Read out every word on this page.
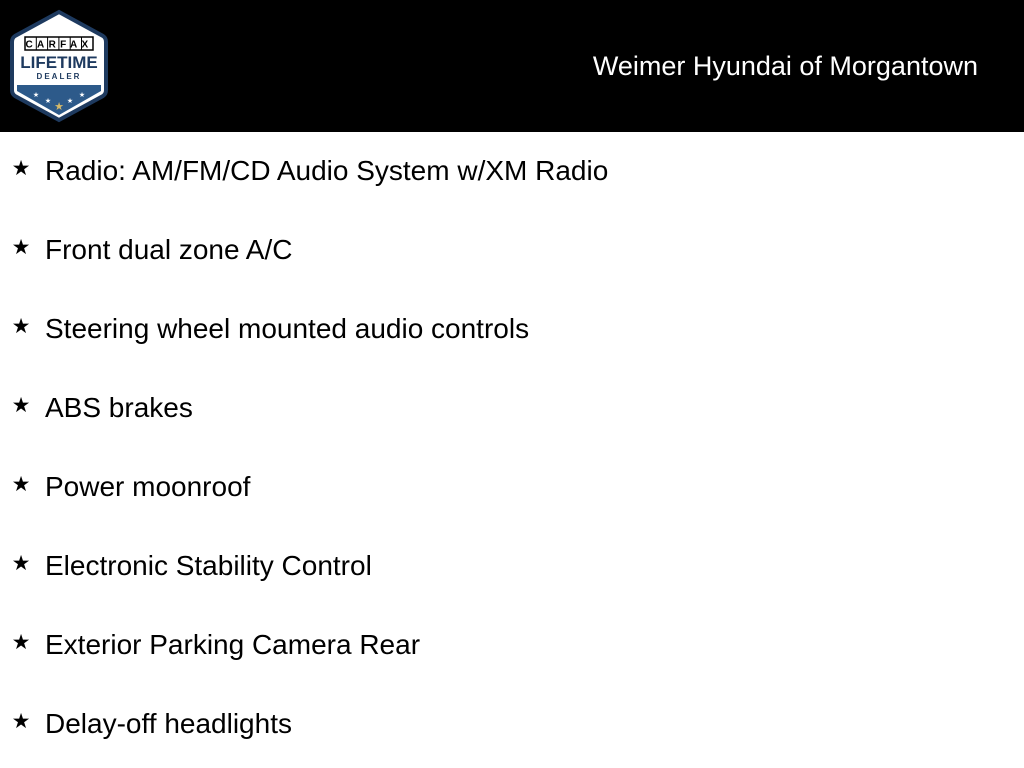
CARFAX
LIFETIME
DEALER
★
★ ★
★
★
Weimer Hyundai of Morgantown
★ Radio: AM/FM/CD Audio System w/XM Radio
★ Front dual zone A/C
★ Steering wheel mounted audio controls
★ ABS brakes
★ Power moonroof
★ Electronic Stability Control
★ Exterior Parking Camera Rear
★ Delay-off headlights
